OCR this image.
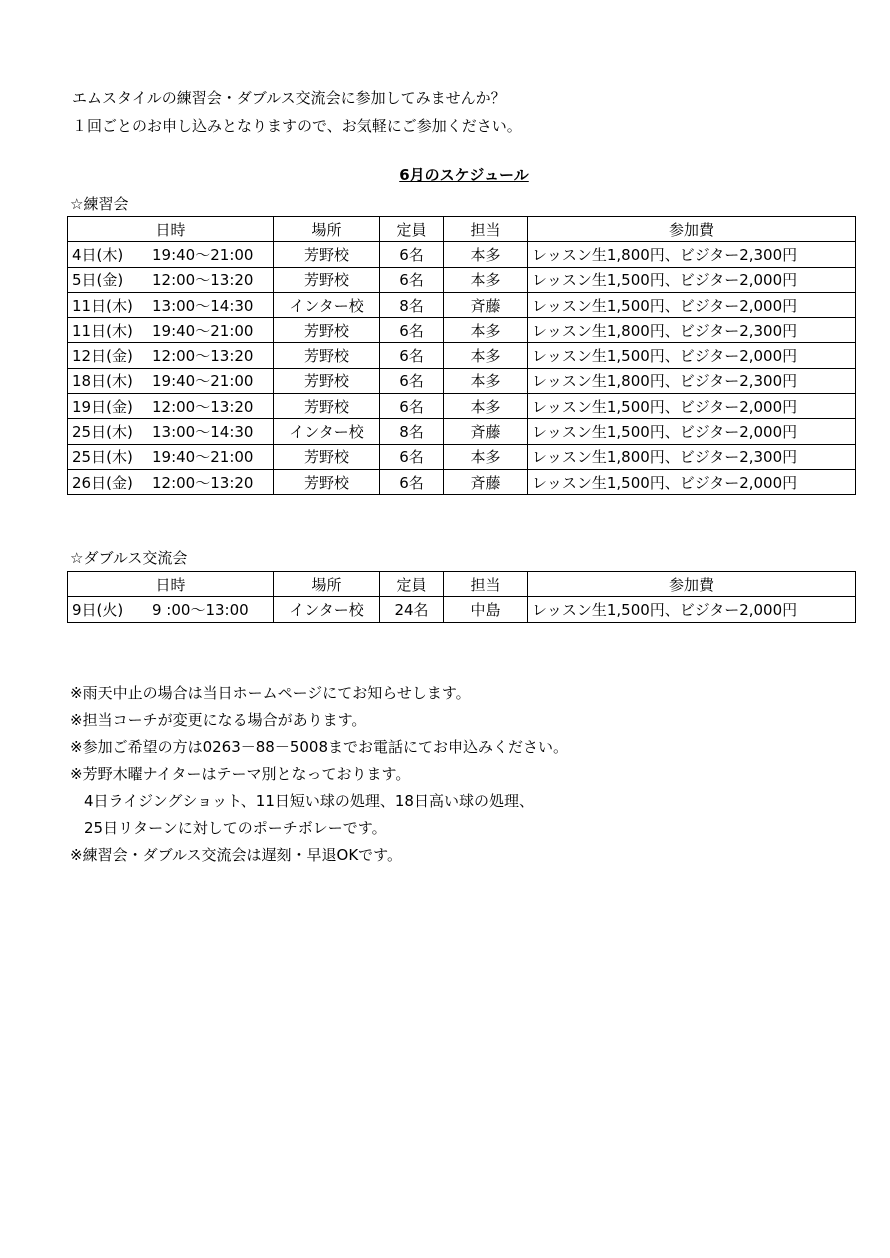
エムスタイルの練習会・ダブルス交流会に参加してみませんか？

１回ごとのお申し込みとなりますので、お気軽にご参加ください。

6月のスケジュール
☆練習会
日時	場所	定員	担当	参加費
4日(木) 19:40～21:00	芳野校	6名	本多	レッスン生1,800円、ビジター2,300円
5日(金) 12:00～13:20	芳野校	6名	本多	レッスン生1,500円、ビジター2,000円
11日(木) 13:00～14:30	インター校	8名	斉藤	レッスン生1,500円、ビジター2,000円
11日(木) 19:40～21:00	芳野校	6名	本多	レッスン生1,800円、ビジター2,300円
12日(金) 12:00～13:20	芳野校	6名	本多	レッスン生1,500円、ビジター2,000円
18日(木) 19:40～21:00	芳野校	6名	本多	レッスン生1,800円、ビジター2,300円
19日(金) 12:00～13:20	芳野校	6名	本多	レッスン生1,500円、ビジター2,000円
25日(木) 13:00～14:30	インター校	8名	斉藤	レッスン生1,500円、ビジター2,000円
25日(木) 19:40～21:00	芳野校	6名	本多	レッスン生1,800円、ビジター2,300円
26日(金) 12:00～13:20	芳野校	6名	斉藤	レッスン生1,500円、ビジター2,000円
☆ダブルス交流会
日時	場所	定員	担当	参加費
9日(火) 9 :00～13:00	インター校	24名	中島	レッスン生1,500円、ビジター2,000円

※雨天中止の場合は当日ホームページにてお知らせします。

※担当コーチが変更になる場合があります。

※参加ご希望の方は0263－88－5008までお電話にてお申込みください。

※芳野木曜ナイターはテーマ別となっております。

4日ライジングショット、11日短い球の処理、18日高い球の処理、

25日リターンに対してのポーチボレーです。

※練習会・ダブルス交流会は遅刻・早退OKです。
